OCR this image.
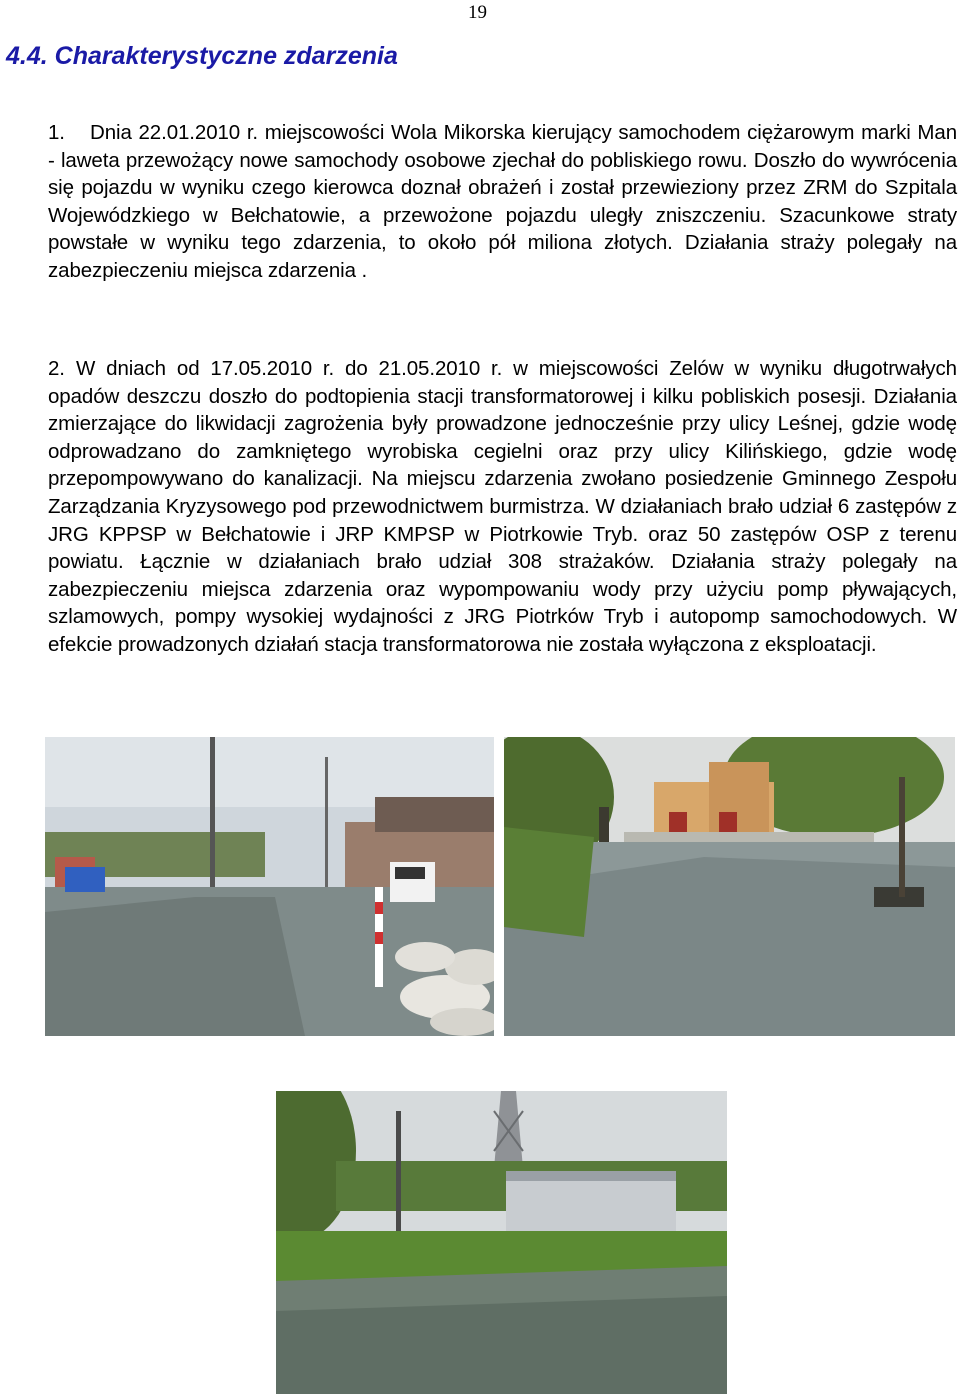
19
4.4. Charakterystyczne zdarzenia

1. Dnia 22.01.2010 r. miejscowości Wola Mikorska kierujący samochodem ciężarowym marki Man - laweta przewożący nowe samochody osobowe zjechał do pobliskiego rowu. Doszło do wywrócenia się pojazdu w wyniku czego kierowca doznał obrażeń i został przewieziony przez ZRM do Szpitala Wojewódzkiego w Bełchatowie, a przewożone pojazdu uległy zniszczeniu. Szacunkowe straty powstałe w wyniku tego zdarzenia, to około pół miliona złotych. Działania straży polegały na zabezpieczeniu miejsca zdarzenia .

2. W dniach od 17.05.2010 r. do 21.05.2010 r. w miejscowości Zelów w wyniku długotrwałych opadów deszczu doszło do podtopienia stacji transformatorowej i kilku pobliskich posesji. Działania zmierzające do likwidacji zagrożenia były prowadzone jednocześnie przy ulicy Leśnej, gdzie wodę odprowadzano do zamkniętego wyrobiska cegielni oraz przy ulicy Kilińskiego, gdzie wodę przepompowywano do kanalizacji. Na miejscu zdarzenia zwołano posiedzenie Gminnego Zespołu Zarządzania Kryzysowego pod przewodnictwem burmistrza. W działaniach brało udział 6 zastępów z JRG KPPSP w Bełchatowie i JRP KMPSP w Piotrkowie Tryb. oraz 50 zastępów OSP z terenu powiatu. Łącznie w działaniach brało udział 308 strażaków. Działania straży polegały na zabezpieczeniu miejsca zdarzenia oraz wypompowaniu wody przy użyciu pomp pływających, szlamowych, pompy wysokiej wydajności z JRG Piotrków Tryb i autopomp samochodowych. W efekcie prowadzonych działań stacja transformatorowa nie została wyłączona z eksploatacji.
